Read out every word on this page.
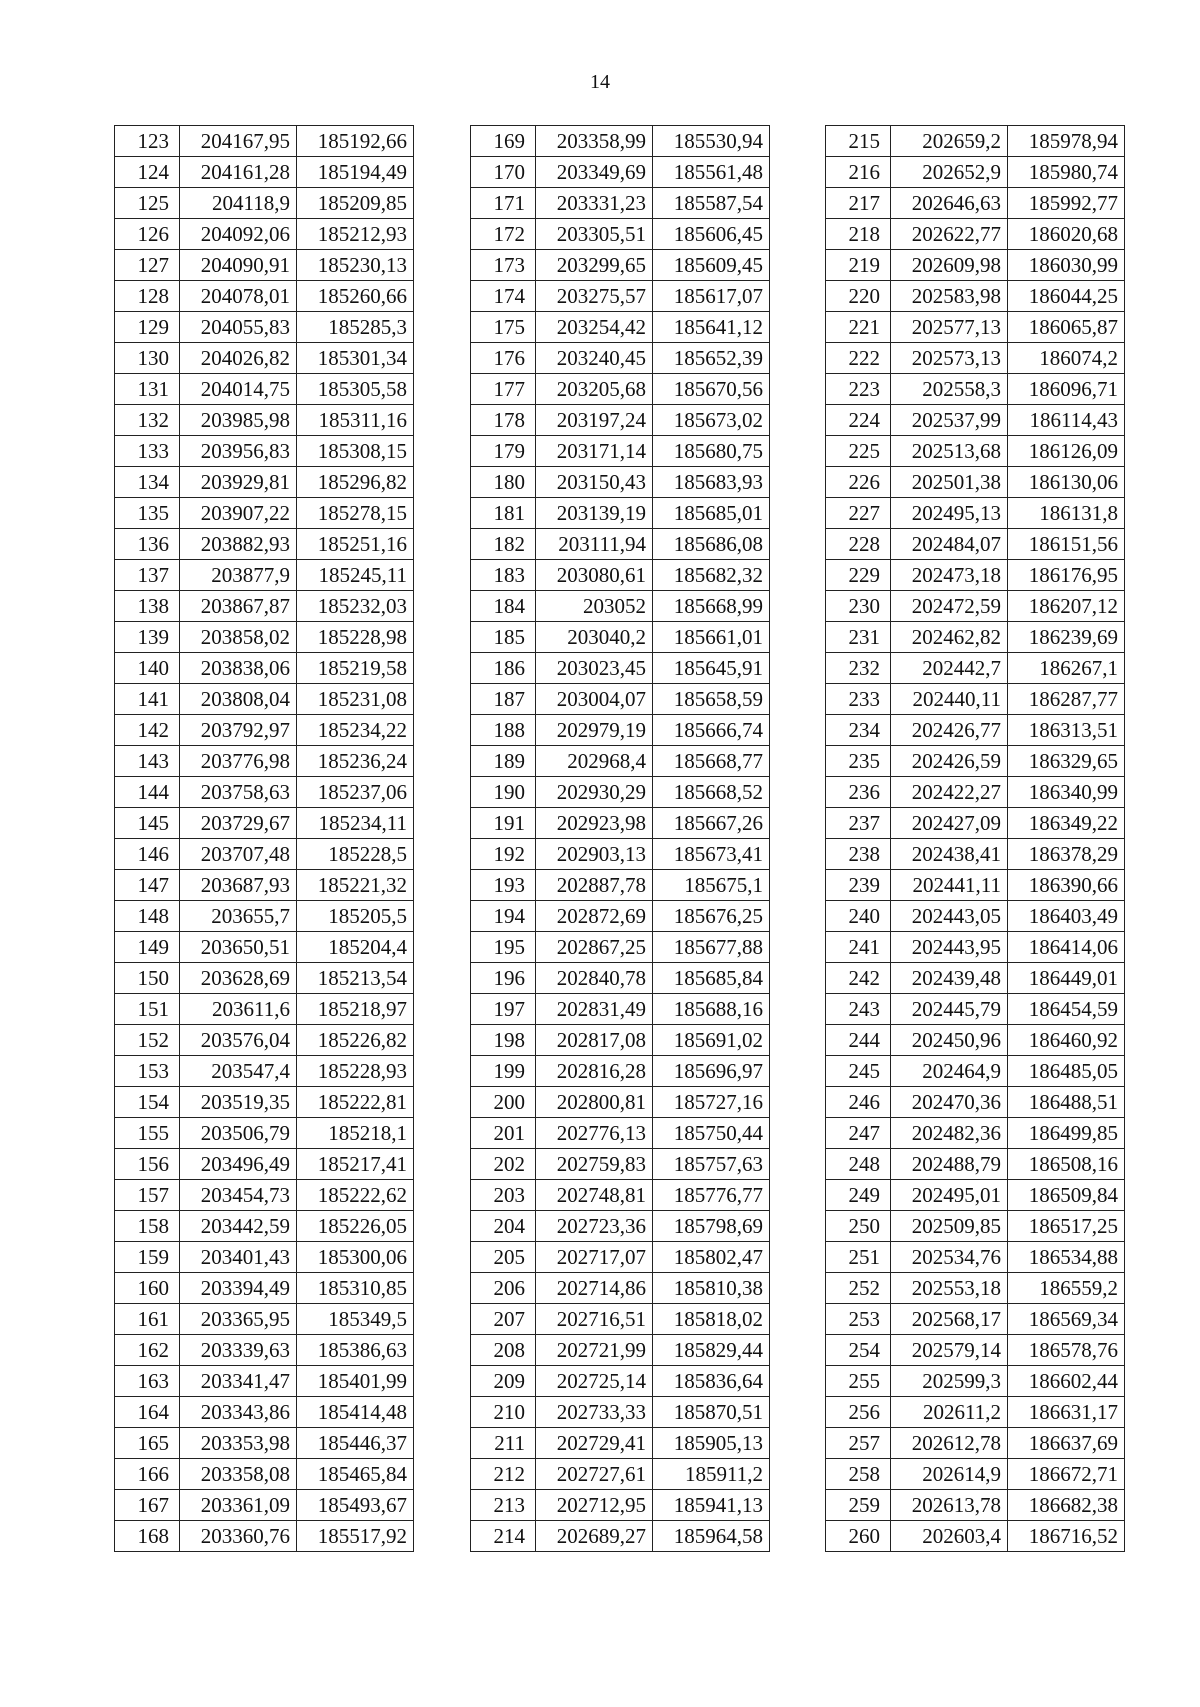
14
123	204167,95	185192,66
124	204161,28	185194,49
125	204118,9	185209,85
126	204092,06	185212,93
127	204090,91	185230,13
128	204078,01	185260,66
129	204055,83	185285,3
130	204026,82	185301,34
131	204014,75	185305,58
132	203985,98	185311,16
133	203956,83	185308,15
134	203929,81	185296,82
135	203907,22	185278,15
136	203882,93	185251,16
137	203877,9	185245,11
138	203867,87	185232,03
139	203858,02	185228,98
140	203838,06	185219,58
141	203808,04	185231,08
142	203792,97	185234,22
143	203776,98	185236,24
144	203758,63	185237,06
145	203729,67	185234,11
146	203707,48	185228,5
147	203687,93	185221,32
148	203655,7	185205,5
149	203650,51	185204,4
150	203628,69	185213,54
151	203611,6	185218,97
152	203576,04	185226,82
153	203547,4	185228,93
154	203519,35	185222,81
155	203506,79	185218,1
156	203496,49	185217,41
157	203454,73	185222,62
158	203442,59	185226,05
159	203401,43	185300,06
160	203394,49	185310,85
161	203365,95	185349,5
162	203339,63	185386,63
163	203341,47	185401,99
164	203343,86	185414,48
165	203353,98	185446,37
166	203358,08	185465,84
167	203361,09	185493,67
168	203360,76	185517,92
169	203358,99	185530,94
170	203349,69	185561,48
171	203331,23	185587,54
172	203305,51	185606,45
173	203299,65	185609,45
174	203275,57	185617,07
175	203254,42	185641,12
176	203240,45	185652,39
177	203205,68	185670,56
178	203197,24	185673,02
179	203171,14	185680,75
180	203150,43	185683,93
181	203139,19	185685,01
182	203111,94	185686,08
183	203080,61	185682,32
184	203052	185668,99
185	203040,2	185661,01
186	203023,45	185645,91
187	203004,07	185658,59
188	202979,19	185666,74
189	202968,4	185668,77
190	202930,29	185668,52
191	202923,98	185667,26
192	202903,13	185673,41
193	202887,78	185675,1
194	202872,69	185676,25
195	202867,25	185677,88
196	202840,78	185685,84
197	202831,49	185688,16
198	202817,08	185691,02
199	202816,28	185696,97
200	202800,81	185727,16
201	202776,13	185750,44
202	202759,83	185757,63
203	202748,81	185776,77
204	202723,36	185798,69
205	202717,07	185802,47
206	202714,86	185810,38
207	202716,51	185818,02
208	202721,99	185829,44
209	202725,14	185836,64
210	202733,33	185870,51
211	202729,41	185905,13
212	202727,61	185911,2
213	202712,95	185941,13
214	202689,27	185964,58
215	202659,2	185978,94
216	202652,9	185980,74
217	202646,63	185992,77
218	202622,77	186020,68
219	202609,98	186030,99
220	202583,98	186044,25
221	202577,13	186065,87
222	202573,13	186074,2
223	202558,3	186096,71
224	202537,99	186114,43
225	202513,68	186126,09
226	202501,38	186130,06
227	202495,13	186131,8
228	202484,07	186151,56
229	202473,18	186176,95
230	202472,59	186207,12
231	202462,82	186239,69
232	202442,7	186267,1
233	202440,11	186287,77
234	202426,77	186313,51
235	202426,59	186329,65
236	202422,27	186340,99
237	202427,09	186349,22
238	202438,41	186378,29
239	202441,11	186390,66
240	202443,05	186403,49
241	202443,95	186414,06
242	202439,48	186449,01
243	202445,79	186454,59
244	202450,96	186460,92
245	202464,9	186485,05
246	202470,36	186488,51
247	202482,36	186499,85
248	202488,79	186508,16
249	202495,01	186509,84
250	202509,85	186517,25
251	202534,76	186534,88
252	202553,18	186559,2
253	202568,17	186569,34
254	202579,14	186578,76
255	202599,3	186602,44
256	202611,2	186631,17
257	202612,78	186637,69
258	202614,9	186672,71
259	202613,78	186682,38
260	202603,4	186716,52
